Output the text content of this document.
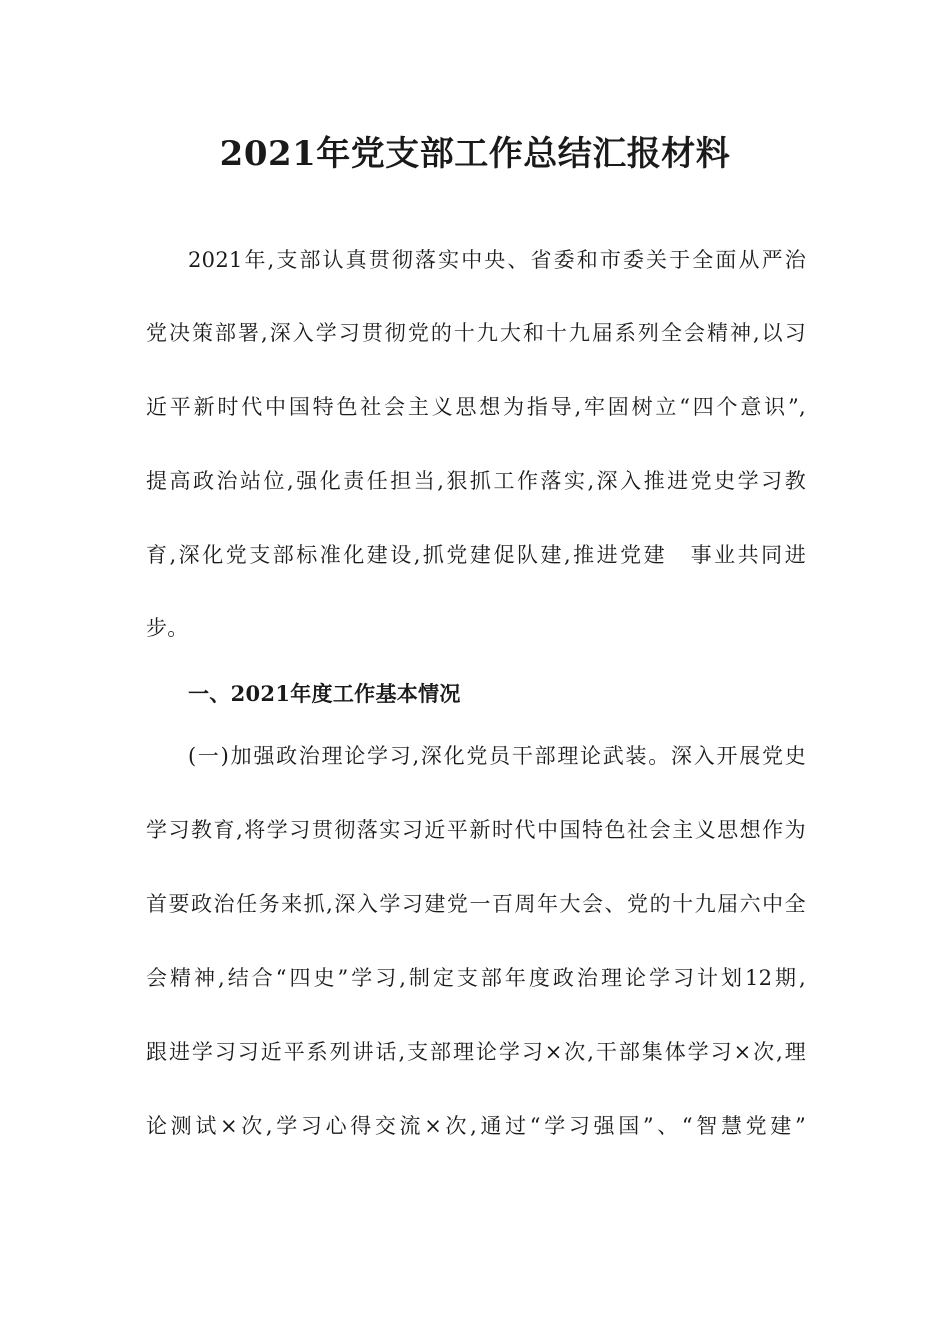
2021年党支部工作总结汇报材料

2021年,支部认真贯彻落实中央、省委和市委关于全面从严治

党决策部署,深入学习贯彻党的十九大和十九届系列全会精神,以习

近平新时代中国特色社会主义思想为指导,牢固树立“四个意识”,

提高政治站位,强化责任担当,狠抓工作落实,深入推进党史学习教

育,深化党支部标准化建设,抓党建促队建,推进党建　事业共同进

步。

一、2021年度工作基本情况

(一)加强政治理论学习,深化党员干部理论武装。深入开展党史

学习教育,将学习贯彻落实习近平新时代中国特色社会主义思想作为

首要政治任务来抓,深入学习建党一百周年大会、党的十九届六中全

会精神,结合“四史”学习,制定支部年度政治理论学习计划12期,

跟进学习习近平系列讲话,支部理论学习×次,干部集体学习×次,理

论测试×次,学习心得交流×次,通过“学习强国”、“智慧党建”
